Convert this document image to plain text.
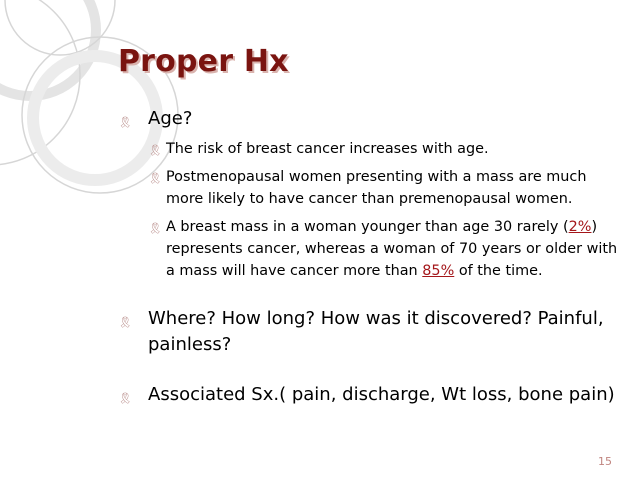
Proper Hx
🎗 Age?
🎗 The risk of breast cancer increases with age.
🎗 Postmenopausal women presenting with a mass are much more likely to have cancer than premenopausal women.
🎗 A breast mass in a woman younger than age 30 rarely (2%) represents cancer, whereas a woman of 70 years or older with a mass will have cancer more than 85% of the time.
🎗 Where? How long? How was it discovered? Painful, painless?
🎗 Associated Sx.( pain, discharge, Wt loss, bone pain)
15
